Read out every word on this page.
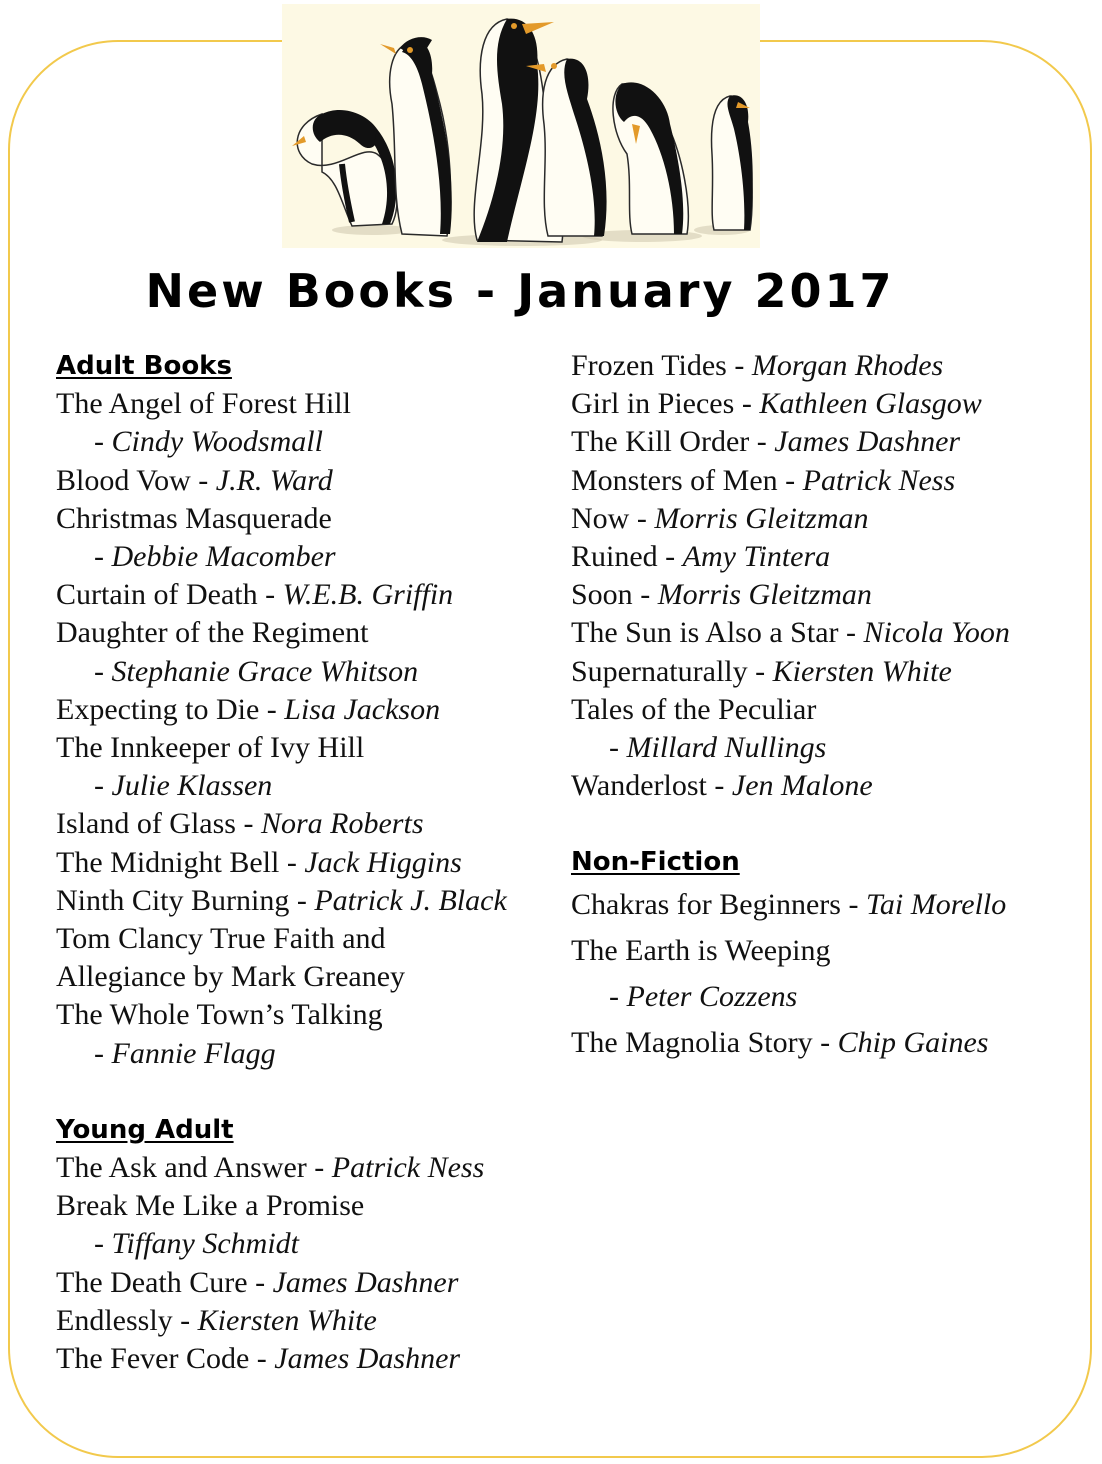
New Books - January 2017
Adult Books
The Angel of Forest Hill
- Cindy Woodsmall
Blood Vow - J.R. Ward
Christmas Masquerade
- Debbie Macomber
Curtain of Death - W.E.B. Griffin
Daughter of the Regiment
- Stephanie Grace Whitson
Expecting to Die - Lisa Jackson
The Innkeeper of Ivy Hill
- Julie Klassen
Island of Glass - Nora Roberts
The Midnight Bell - Jack Higgins
Ninth City Burning - Patrick J. Black
Tom Clancy True Faith and
Allegiance by Mark Greaney
The Whole Town’s Talking
- Fannie Flagg
Young Adult
The Ask and Answer - Patrick Ness
Break Me Like a Promise
- Tiffany Schmidt
The Death Cure - James Dashner
Endlessly - Kiersten White
The Fever Code - James Dashner
Frozen Tides - Morgan Rhodes
Girl in Pieces - Kathleen Glasgow
The Kill Order - James Dashner
Monsters of Men - Patrick Ness
Now - Morris Gleitzman
Ruined - Amy Tintera
Soon - Morris Gleitzman
The Sun is Also a Star - Nicola Yoon
Supernaturally - Kiersten White
Tales of the Peculiar
- Millard Nullings
Wanderlost - Jen Malone
Non-Fiction
Chakras for Beginners - Tai Morello
The Earth is Weeping
- Peter Cozzens
The Magnolia Story - Chip Gaines
